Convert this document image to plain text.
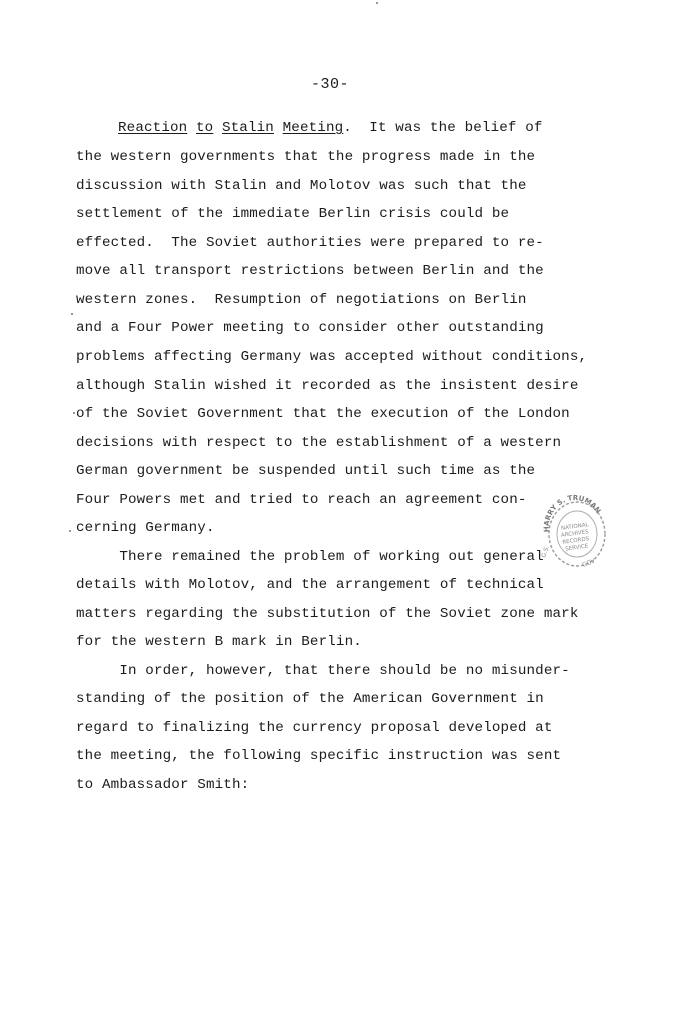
-30-
Reaction to Stalin Meeting.  It was the belief of
the western governments that the progress made in the
discussion with Stalin and Molotov was such that the
settlement of the immediate Berlin crisis could be
effected.  The Soviet authorities were prepared to re-
move all transport restrictions between Berlin and the
western zones.  Resumption of negotiations on Berlin
and a Four Power meeting to consider other outstanding
problems affecting Germany was accepted without conditions,
although Stalin wished it recorded as the insistent desire
of the Soviet Government that the execution of the London
decisions with respect to the establishment of a western
German government be suspended until such time as the
Four Powers met and tried to reach an agreement con-
cerning Germany.
There remained the problem of working out general
details with Molotov, and the arrangement of technical
matters regarding the substitution of the Soviet zone mark
for the western B mark in Berlin.
In order, however, that there should be no misunder-
standing of the position of the American Government in
regard to finalizing the currency proposal developed at
the meeting, the following specific instruction was sent
to Ambassador Smith:
HARRY S. TRUMAN
NATIONAL
ARCHIVES
RECORDS
SERVICE
G.S.
GOV
